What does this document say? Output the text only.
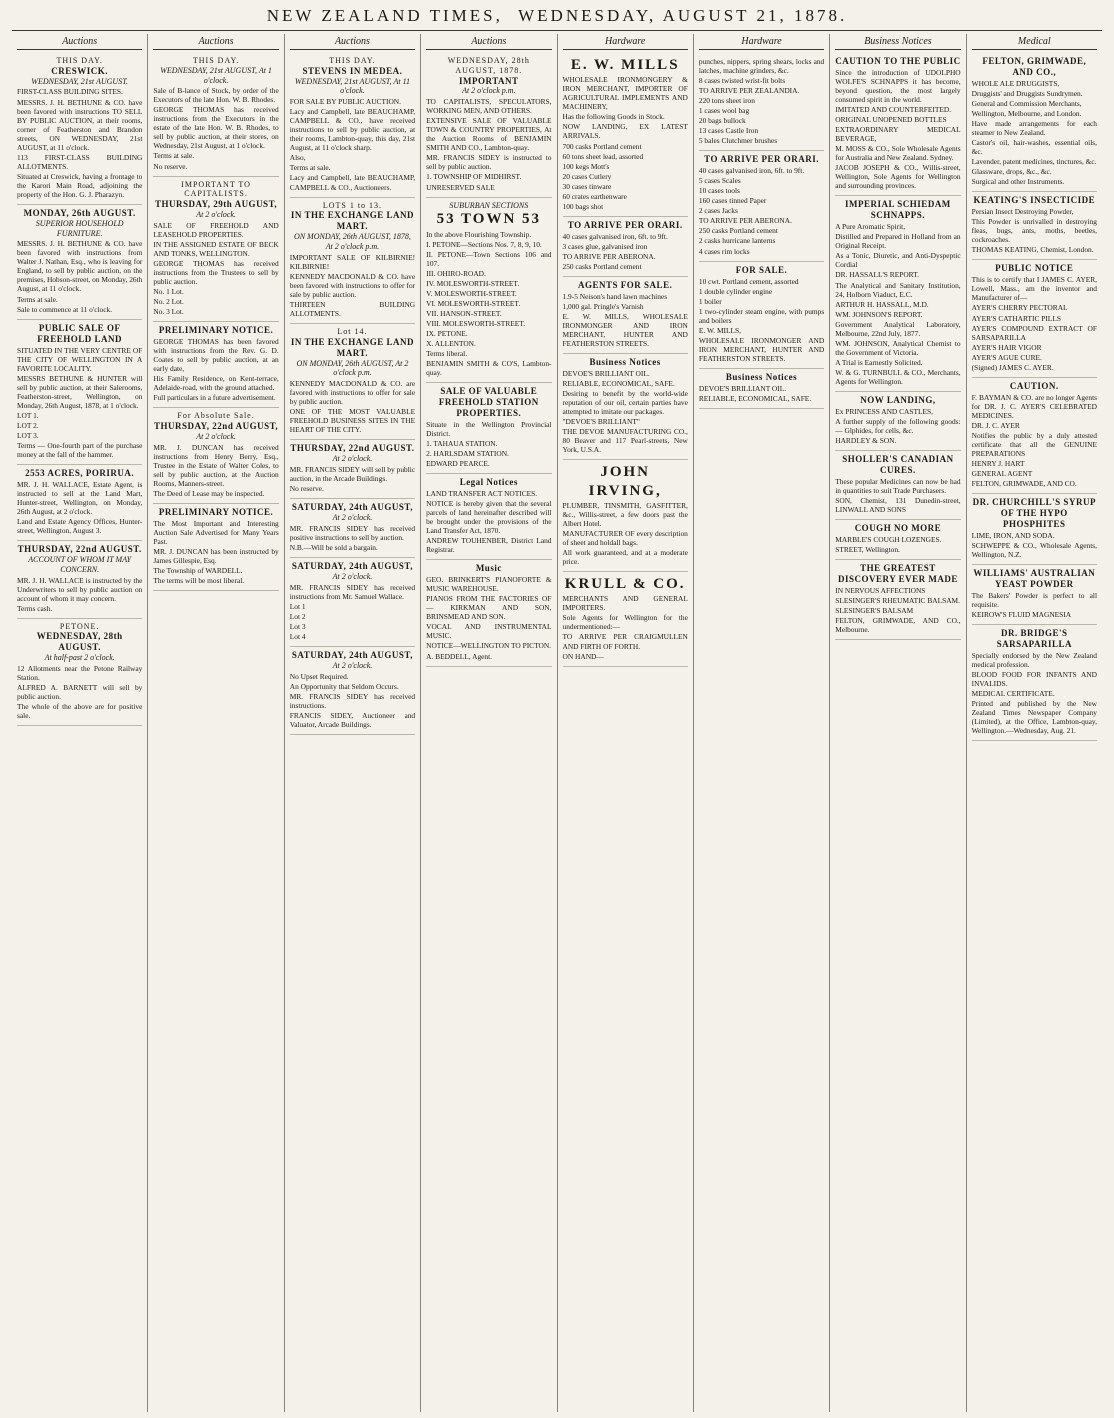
NEW ZEALAND TIMES, WEDNESDAY, AUGUST 21, 1878.
Auctions
THIS DAY.
CRESWICK.
WEDNESDAY, 21st AUGUST.

FIRST-CLASS BUILDING SITES.

MESSRS. J. H. BETHUNE & CO. have been favored with instructions TO SELL BY PUBLIC AUCTION, at their rooms, corner of Featherston and Brandon streets, ON WEDNESDAY, 21st AUGUST, at 11 o'clock.

113 FIRST-CLASS BUILDING ALLOTMENTS.

Situated at Creswick, having a frontage to the Karori Main Road, adjoining the property of the Hon. G. J. Pharazyn.

MONDAY, 26th AUGUST.
SUPERIOR HOUSEHOLD FURNITURE.

MESSRS. J. H. BETHUNE & CO. have been favored with instructions from Walter J. Nathan, Esq., who is leaving for England, to sell by public auction, on the premises, Hobson-street, on Monday, 26th August, at 11 o'clock.

Terms at sale.

Sale to commence at 11 o'clock.

PUBLIC SALE OF FREEHOLD LAND

SITUATED IN THE VERY CENTRE OF THE CITY OF WELLINGTON IN A FAVORITE LOCALITY.

MESSRS BETHUNE & HUNTER will sell by public auction, at their Salerooms, Featherston-street, Wellington, on Monday, 26th August, 1878, at 1 o'clock.

LOT 1.

LOT 2.

LOT 3.

Terms — One-fourth part of the purchase money at the fall of the hammer.

2553 ACRES, PORIRUA.

MR. J. H. WALLACE, Estate Agent, is instructed to sell at the Land Mart, Hunter-street, Wellington, on Monday, 26th August, at 2 o'clock.

Land and Estate Agency Offices, Hunter-street, Wellington, August 3.

THURSDAY, 22nd AUGUST.
ACCOUNT OF WHOM IT MAY CONCERN.

MR. J. H. WALLACE is instructed by the Underwriters to sell by public auction on account of whom it may concern.

Terms cash.

PETONE.
WEDNESDAY, 28th AUGUST.
At half-past 2 o'clock.

12 Allotments near the Petone Railway Station.

ALFRED A. BARNETT will sell by public auction.

The whole of the above are for positive sale.

Auctions
THIS DAY.
WEDNESDAY, 21st AUGUST, At 1 o'clock.

Sale of B-lance of Stock, by order of the Executors of the late Hon. W. B. Rhodes.

GEORGE THOMAS has received instructions from the Executors in the estate of the late Hon. W. B. Rhodes, to sell by public auction, at their stores, on Wednesday, 21st August, at 1 o'clock.

Terms at sale.

No reserve.

IMPORTANT TO CAPITALISTS.
THURSDAY, 29th AUGUST,
At 2 o'clock.

SALE OF FREEHOLD AND LEASEHOLD PROPERTIES.

IN THE ASSIGNED ESTATE OF BECK AND TONKS, WELLINGTON.

GEORGE THOMAS has received instructions from the Trustees to sell by public auction.

No. 1 Lot.

No. 2 Lot.

No. 3 Lot.

PRELIMINARY NOTICE.

GEORGE THOMAS has been favored with instructions from the Rev. G. D. Coates to sell by public auction, at an early date,

His Family Residence, on Kent-terrace, Adelaide-road, with the ground attached.

Full particulars in a future advertisement.

For Absolute Sale.
THURSDAY, 22nd AUGUST,
At 2 o'clock.

MR. J. DUNCAN has received instructions from Henry Berry, Esq., Trustee in the Estate of Walter Coles, to sell by public auction, at the Auction Rooms, Manners-street.

The Deed of Lease may be inspected.

PRELIMINARY NOTICE.

The Most Important and Interesting Auction Sale Advertised for Many Years Past.

MR. J. DUNCAN has been instructed by James Gillespie, Esq.

The Township of WARDELL.

The terms will be most liberal.

Auctions
THIS DAY.
STEVENS IN MEDEA.
WEDNESDAY, 21st AUGUST, At 11 o'clock.

FOR SALE BY PUBLIC AUCTION.

Lacy and Campbell, late BEAUCHAMP, CAMPBELL & CO., have received instructions to sell by public auction, at their rooms, Lambton-quay, this day, 21st August, at 11 o'clock sharp.

Also,

Terms at sale.

Lacy and Campbell, late BEAUCHAMP, CAMPBELL & CO., Auctioneers.

LOTS 1 to 13.
IN THE EXCHANGE LAND MART.
ON MONDAY, 26th AUGUST, 1878, At 2 o'clock p.m.

IMPORTANT SALE OF KILBIRNIE! KILBIRNIE!

KENNEDY MACDONALD & CO. have been favored with instructions to offer for sale by public auction.

THIRTEEN BUILDING ALLOTMENTS.

Lot 14.
IN THE EXCHANGE LAND MART.
ON MONDAY, 26th AUGUST, At 2 o'clock p.m.

KENNEDY MACDONALD & CO. are favored with instructions to offer for sale by public auction.

ONE OF THE MOST VALUABLE FREEHOLD BUSINESS SITES IN THE HEART OF THE CITY.

THURSDAY, 22nd AUGUST.
At 2 o'clock.

MR. FRANCIS SIDEY will sell by public auction, in the Arcade Buildings.

No reserve.

SATURDAY, 24th AUGUST,
At 2 o'clock.

MR. FRANCIS SIDEY has received positive instructions to sell by auction.

N.B.—Will be sold a bargain.

SATURDAY, 24th AUGUST,
At 2 o'clock.

MR. FRANCIS SIDEY has received instructions from Mr. Samuel Wallace.

Lot 1

Lot 2

Lot 3

Lot 4

SATURDAY, 24th AUGUST,
At 2 o'clock.

No Upset Required.

An Opportunity that Seldom Occurs.

MR. FRANCIS SIDEY has received instructions.

FRANCIS SIDEY, Auctioneer and Valuator, Arcade Buildings.

Auctions
WEDNESDAY, 28th AUGUST, 1878.
IMPORTANT
At 2 o'clock p.m.

TO CAPITALISTS, SPECULATORS, WORKING MEN, AND OTHERS.

EXTENSIVE SALE OF VALUABLE TOWN & COUNTRY PROPERTIES, At the Auction Rooms of BENJAMIN SMITH AND CO., Lambton-quay.

MR. FRANCIS SIDEY is instructed to sell by public auction.

1. TOWNSHIP OF MIDHIRST.

UNRESERVED SALE

SUBURBAN SECTIONS
53 TOWN 53

In the above Flourishing Township.

I. PETONE—Sections Nos. 7, 8, 9, 10.

II. PETONE—Town Sections 106 and 107.

III. OHIRO-ROAD.

IV. MOLESWORTH-STREET.

V. MOLESWORTH-STREET.

VI. MOLESWORTH-STREET.

VII. HANSON-STREET.

VIII. MOLESWORTH-STREET.

IX. PETONE.

X. ALLENTON.

Terms liberal.

BENJAMIN SMITH & CO'S, Lambton-quay.

SALE OF VALUABLE FREEHOLD STATION PROPERTIES.

Situate in the Wellington Provincial District.

1. TAHAUA STATION.

2. HARLSDAM STATION.

EDWARD PEARCE.

Legal Notices

LAND TRANSFER ACT NOTICES.

NOTICE is hereby given that the several parcels of land hereinafter described will be brought under the provisions of the Land Transfer Act, 1870.

ANDREW TOUHENBER, District Land Registrar.

Music

GEO. BRINKERT'S PIANOFORTE & MUSIC WAREHOUSE.

PIANOS FROM THE FACTORIES OF— KIRKMAN AND SON, BRINSMEAD AND SON.

VOCAL AND INSTRUMENTAL MUSIC.

NOTICE—WELLINGTON TO PICTON.

A. BEDDELL, Agent.

Hardware
E. W. MILLS

WHOLESALE IRONMONGERY & IRON MERCHANT, IMPORTER OF AGRICULTURAL IMPLEMENTS AND MACHINERY,

Has the following Goods in Stock.

NOW LANDING, EX LATEST ARRIVALS.

700 casks Portland cement

60 tons sheet lead, assorted

100 kegs Mott's

20 cases Cutlery

30 cases tinware

60 crates earthenware

100 bags shot

TO ARRIVE PER ORARI.

40 cases galvanised iron, 6ft. to 9ft.

3 cases glue, galvanised iron

TO ARRIVE PER ABERONA.

250 casks Portland cement

AGENTS FOR SALE.

1.9-5 Neison's hand lawn machines

1,000 gal. Pringle's Varnish

E. W. MILLS, WHOLESALE IRONMONGER AND IRON MERCHANT, HUNTER AND FEATHERSTON STREETS.

Business Notices

DEVOE'S BRILLIANT OIL.

RELIABLE, ECONOMICAL, SAFE.

Desiring to benefit by the world-wide reputation of our oil, certain parties have attempted to imitate our packages.

"DEVOE'S BRILLIANT"

THE DEVOE MANUFACTURING CO., 80 Beaver and 117 Pearl-streets, New York, U.S.A.

JOHN IRVING,

PLUMBER, TINSMITH, GASFITTER, &c., Willis-street, a few doors past the Albert Hotel.

MANUFACTURER OF every description of sheet and holdall bags.

All work guaranteed, and at a moderate price.

KRULL & CO.

MERCHANTS AND GENERAL IMPORTERS.

Sole Agents for Wellington for the undermentioned:—

TO ARRIVE PER CRAIGMULLEN AND FIRTH OF FORTH.

ON HAND—

Hardware

punches, nippers, spring shears, locks and latches, machine grinders, &c.

8 cases twisted wrist-fit bolts

TO ARRIVE PER ZEALANDIA.

220 tons sheet iron

1 cases wool bag

20 bags bullock

13 cases Castle Iron

5 bales Clutchmer brushes

TO ARRIVE PER ORARI.

40 cases galvanised iron, 6ft. to 9ft.

5 cases Scales

10 cases tools

160 cases tinned Paper

2 cases Jacks

TO ARRIVE PER ABERONA.

250 casks Portland cement

2 casks hurricane lanterns

4 cases rim locks

FOR SALE.

10 cwt. Portland cement, assorted

1 double cylinder engine

1 boiler

1 two-cylinder steam engine, with pumps and boilers

E. W. MILLS,

WHOLESALE IRONMONGER AND IRON MERCHANT, HUNTER AND FEATHERSTON STREETS.

Business Notices

DEVOE'S BRILLIANT OIL.

RELIABLE, ECONOMICAL, SAFE.

Business Notices
CAUTION TO THE PUBLIC

Since the introduction of UDOLPHO WOLFE'S SCHNAPPS it has become, beyond question, the most largely consumed spirit in the world.

IMITATED AND COUNTERFEITED.

ORIGINAL UNOPENED BOTTLES

EXTRAORDINARY MEDICAL BEVERAGE,

M. MOSS & CO., Sole Wholesale Agents for Australia and New Zealand. Sydney.

JACOB JOSEPH & CO., Willis-street, Wellington, Sole Agents for Wellington and surrounding provinces.

IMPERIAL SCHIEDAM SCHNAPPS.

A Pure Aromatic Spirit,

Distilled and Prepared in Holland from an Original Receipt.

As a Tonic, Diuretic, and Anti-Dyspeptic Cordial

DR. HASSALL'S REPORT.

The Analytical and Sanitary Institution, 24, Holborn Viaduct, E.C.

ARTHUR H. HASSALL, M.D.

WM. JOHNSON'S REPORT.

Government Analytical Laboratory, Melbourne, 22nd July, 1877.

WM. JOHNSON, Analytical Chemist to the Government of Victoria.

A Trial is Earnestly Solicited.

W. & G. TURNBULL & CO., Merchants, Agents for Wellington.

NOW LANDING,

Ex PRINCESS AND CASTLES,

A further supply of the following goods:— Glphides, for cells, &c.

HARDLEY & SON.

SHOLLER'S CANADIAN CURES.

These popular Medicines can now be had in quantities to suit Trade Purchasers.

SON, Chemist, 131 Dunedin-street, LINWALL AND SONS

COUGH NO MORE

MARBLE'S COUGH LOZENGES.

STREET, Wellington.

THE GREATEST DISCOVERY EVER MADE

IN NERVOUS AFFECTIONS

SLESINGER'S RHEUMATIC BALSAM.

SLESINGER'S BALSAM

FELTON, GRIMWADE, AND CO., Melbourne.

Medical
FELTON, GRIMWADE, AND CO.,

WHOLE ALE DRUGGISTS,

Druggists' and Druggists Sundrymen.

General and Commission Merchants,

Wellington, Melbourne, and London.

Have made arrangements for each steamer to New Zealand.

Castor's oil, hair-washes, essential oils, &c.

Lavender, patent medicines, tinctures, &c.

Glassware, drops, &c., &c.

Surgical and other Instruments.

KEATING'S INSECTICIDE

Persian Insect Destroying Powder,

This Powder is unrivalled in destroying fleas, bugs, ants, moths, beetles, cockroaches.

THOMAS KEATING, Chemist, London.

PUBLIC NOTICE

This is to certify that I JAMES C. AYER, Lowell, Mass., am the inventor and Manufacturer of—

AYER'S CHERRY PECTORAL

AYER'S CATHARTIC PILLS

AYER'S COMPOUND EXTRACT OF SARSAPARILLA

AYER'S HAIR VIGOR

AYER'S AGUE CURE.

(Signed) JAMES C. AYER.

CAUTION.

F. BAYMAN & CO. are no longer Agents for DR. J. C. AYER'S CELEBRATED MEDICINES.

DR. J. C. AYER

Notifies the public by a duly attested certificate that all the GENUINE PREPARATIONS

HENRY J. HART

GENERAL AGENT

FELTON, GRIMWADE, AND CO.

DR. CHURCHILL'S SYRUP OF THE HYPO PHOSPHITES

LIME, IRON, AND SODA.

SCHWEPPE & CO., Wholesale Agents, Wellington, N.Z.

WILLIAMS' AUSTRALIAN YEAST POWDER

The Bakers' Powder is perfect to all requisite.

KEIROW'S FLUID MAGNESIA

DR. BRIDGE'S SARSAPARILLA

Specially endorsed by the New Zealand medical profession.

BLOOD FOOD FOR INFANTS AND INVALIDS.

MEDICAL CERTIFICATE.

Printed and published by the New Zealand Times Newspaper Company (Limited), at the Office, Lambton-quay, Wellington.—Wednesday, Aug. 21.
